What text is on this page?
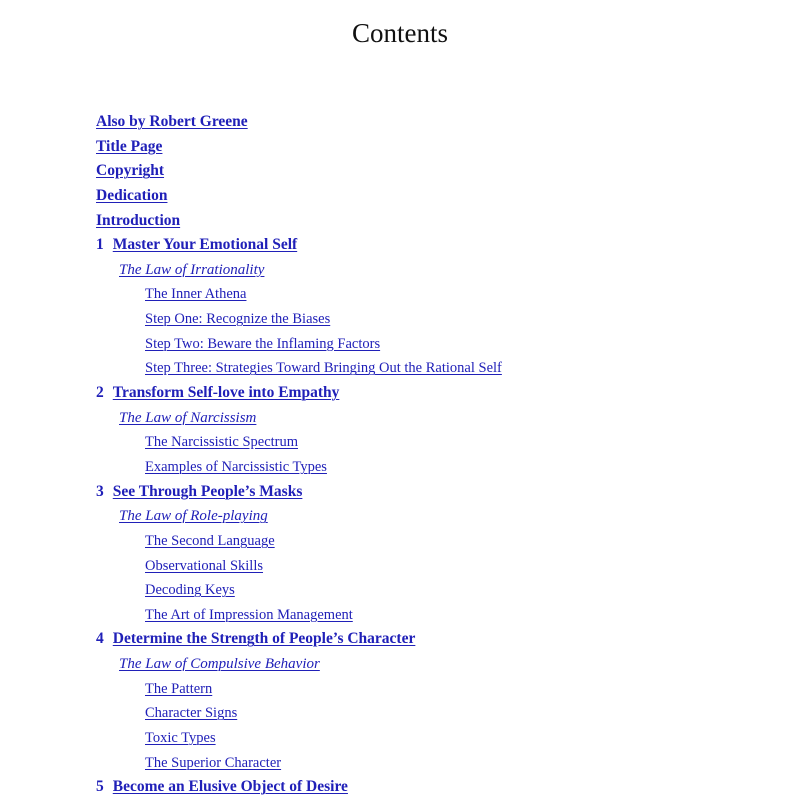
Contents
Also by Robert Greene
Title Page
Copyright
Dedication
Introduction
1 Master Your Emotional Self
The Law of Irrationality
The Inner Athena
Step One: Recognize the Biases
Step Two: Beware the Inflaming Factors
Step Three: Strategies Toward Bringing Out the Rational Self
2 Transform Self-love into Empathy
The Law of Narcissism
The Narcissistic Spectrum
Examples of Narcissistic Types
3 See Through People’s Masks
The Law of Role-playing
The Second Language
Observational Skills
Decoding Keys
The Art of Impression Management
4 Determine the Strength of People’s Character
The Law of Compulsive Behavior
The Pattern
Character Signs
Toxic Types
The Superior Character
5 Become an Elusive Object of Desire
